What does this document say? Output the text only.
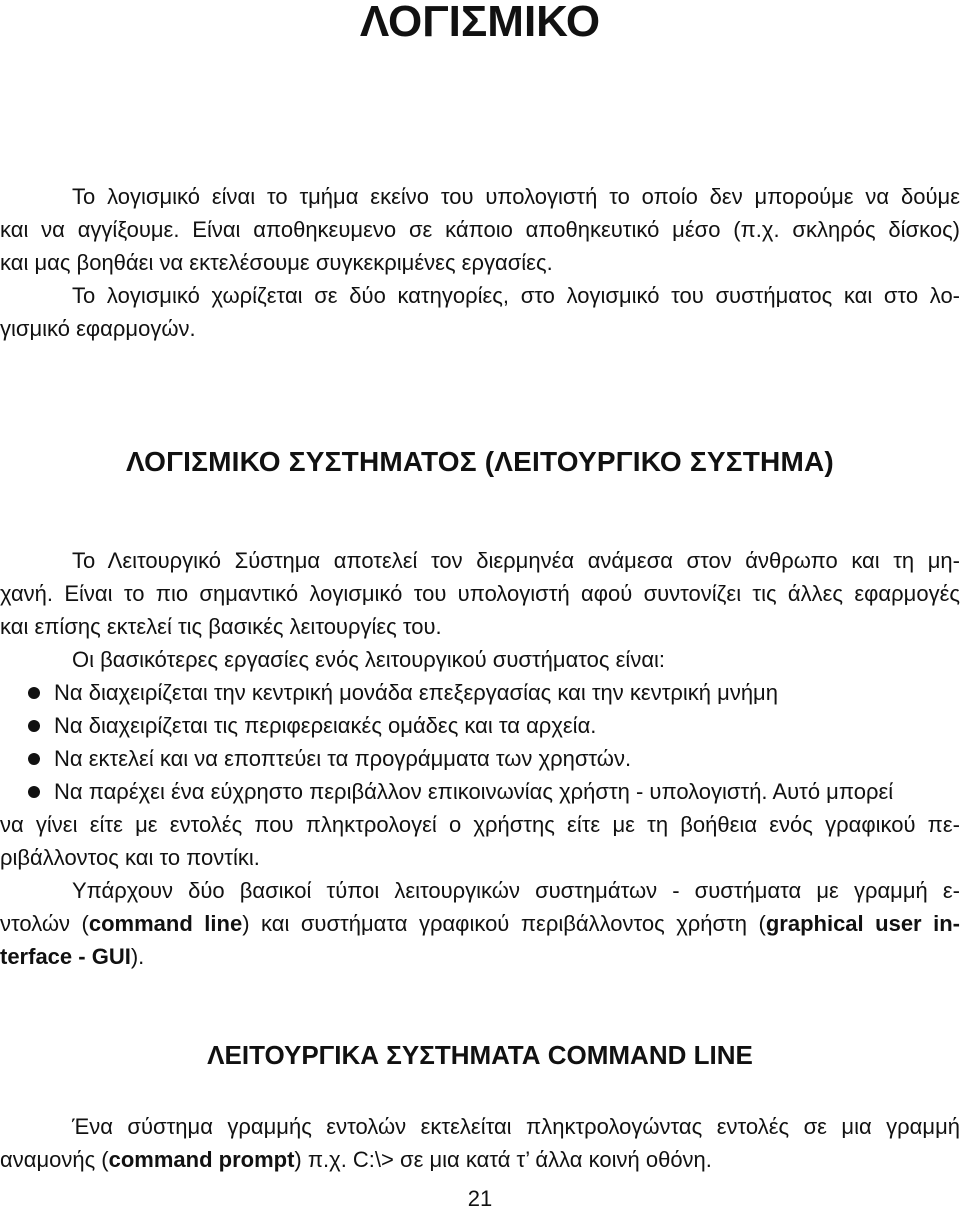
ΛΟΓΙΣΜΙΚΟ
Το λογισμικό είναι το τμήμα εκείνο του υπολογιστή το οποίο δεν μπορούμε να δούμε
και να αγγίξουμε. Είναι αποθηκευμενο σε κάποιο αποθηκευτικό μέσο (π.χ. σκληρός δίσκος)
και μας βοηθάει να εκτελέσουμε συγκεκριμένες εργασίες.
Το λογισμικό χωρίζεται σε δύο κατηγορίες, στο λογισμικό του συστήματος και στο λο-
γισμικό εφαρμογών.
ΛΟΓΙΣΜΙΚΟ ΣΥΣΤΗΜΑΤΟΣ (ΛΕΙΤΟΥΡΓΙΚΟ ΣΥΣΤΗΜΑ)
Το Λειτουργικό Σύστημα αποτελεί τον διερμηνέα ανάμεσα στον άνθρωπο και τη μη-
χανή. Είναι το πιο σημαντικό λογισμικό του υπολογιστή αφού συντονίζει τις άλλες εφαρμογές
και επίσης εκτελεί τις βασικές λειτουργίες του.
Οι βασικότερες εργασίες ενός λειτουργικού συστήματος είναι:
Να διαχειρίζεται την κεντρική μονάδα επεξεργασίας και την κεντρική μνήμη
Να διαχειρίζεται τις περιφερειακές ομάδες και τα αρχεία.
Να εκτελεί και να εποπτεύει τα προγράμματα των χρηστών.
Να παρέχει ένα εύχρηστο περιβάλλον επικοινωνίας χρήστη - υπολογιστή. Αυτό μπορεί
να γίνει είτε με εντολές που πληκτρολογεί ο χρήστης είτε με τη βοήθεια ενός γραφικού πε-
ριβάλλοντος και το ποντίκι.
Υπάρχουν δύο βασικοί τύποι λειτουργικών συστημάτων - συστήματα με γραμμή ε-
ντολών (command line) και συστήματα γραφικού περιβάλλοντος χρήστη (graphical user in-
terface - GUI).
ΛΕΙΤΟΥΡΓΙΚΑ ΣΥΣΤΗΜΑΤΑ COMMAND LINE
Ένα σύστημα γραμμής εντολών εκτελείται πληκτρολογώντας εντολές σε μια γραμμή
αναμονής (command prompt) π.χ. C:\> σε μια κατά τ’ άλλα κοινή οθόνη.
21
